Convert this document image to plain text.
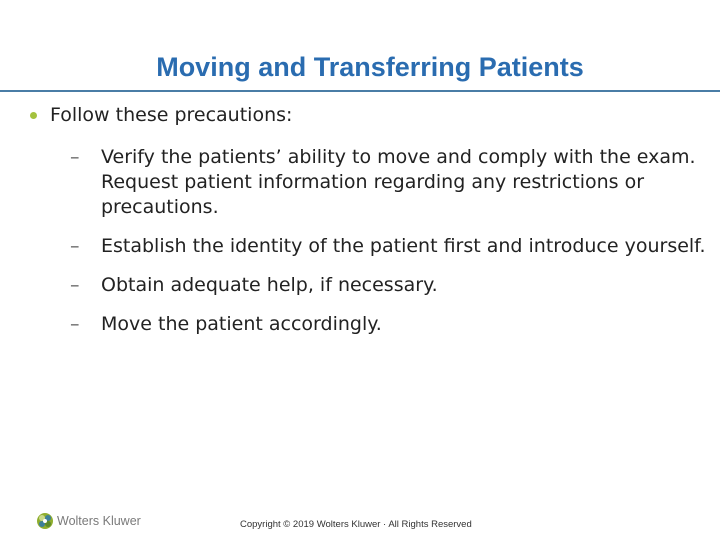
Moving and Transferring Patients
Follow these precautions:
– Verify the patients’ ability to move and comply with the exam. Request patient information regarding any restrictions or precautions.
– Establish the identity of the patient first and introduce yourself.
– Obtain adequate help, if necessary.
– Move the patient accordingly.
Wolters Kluwer	Copyright © 2019 Wolters Kluwer · All Rights Reserved
